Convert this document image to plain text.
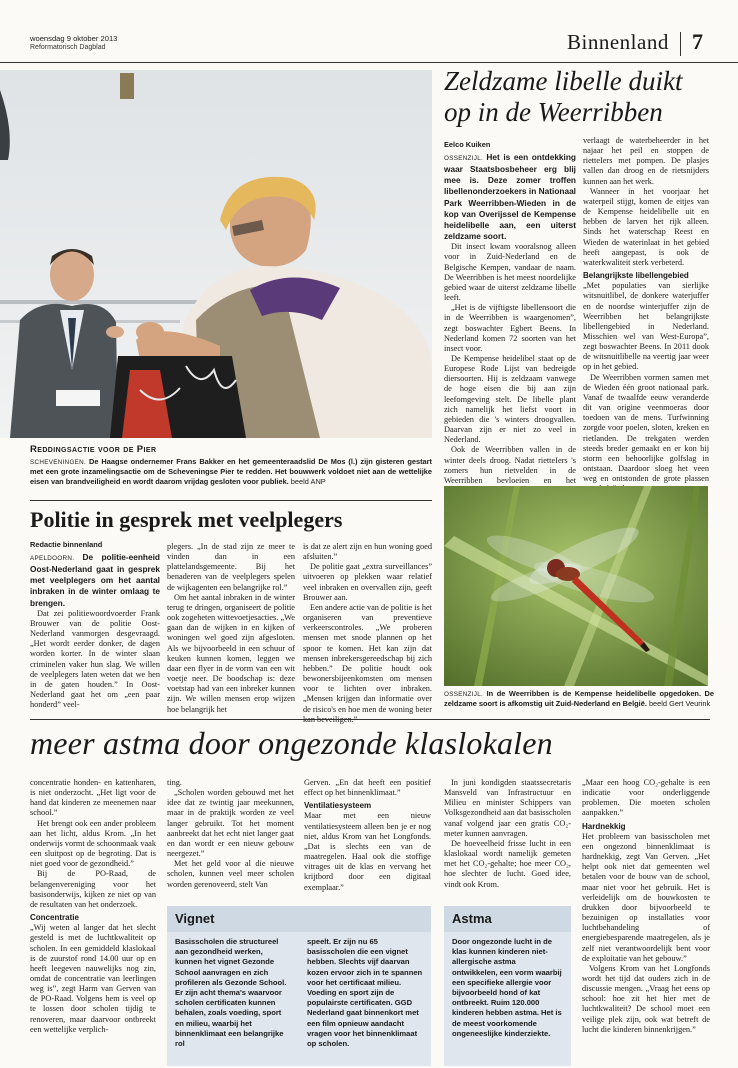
woensdag 9 oktober 2013
Reformatorisch Dagblad	Binnenland 7
Reddingsactie voor de Pier
SCHEVENINGEN. De Haagse ondernemer Frans Bakker en het gemeenteraadslid De Mos (l.) zijn gisteren gestart met een grote inzamelingsactie om de Scheveningse Pier te redden. Het bouwwerk voldoet niet aan de wettelijke eisen van brandveiligheid en wordt daarom vrijdag gesloten voor publiek. beeld ANP
Zeldzame libelle duikt op in de Weerribben
Eelco Kuiken

OSSENZIJL. Het is een ontdekking waar Staatsbosbeheer erg blij mee is. Deze zomer troffen libellenonderzoekers in Nationaal Park Weerribben-Wieden in de kop van Overijssel de Kempense heidelibelle aan, een uiterst zeldzame soort.

Dit insect kwam vooralsnog alleen voor in Zuid-Nederland en de Belgische Kempen, vandaar de naam. De Weerribben is het meest noordelijke gebied waar de uiterst zeldzame libelle leeft.

„Het is de vijftigste libellensoort die in de Weerribben is waargenomen”, zegt boswachter Egbert Beens. In Nederland komen 72 soorten van het insect voor.

De Kempense heidelibel staat op de Europese Rode Lijst van bedreigde diersoorten. Hij is zeldzaam vanwege de hoge eisen die bij aan zijn leefomgeving stelt. De libelle plant zich namelijk het liefst voort in gebieden die 's winters droogvallen. Daarvan zijn er niet zo veel in Nederland.

Ook de Weerribben vallen in de winter deels droog. Nadat rietteIers 's zomers hun rietvelden in de Weerribben bevloeien en het

verlaagt de waterbeheerder in het najaar het peil en stoppen de rietteIers met pompen. De plasjes vallen dan droog en de rietsnijders kunnen aan het werk.

Wanneer in het voorjaar het waterpeil stijgt, komen de eitjes van de Kempense heidelibelle uit en hebben de larven het rijk alleen. Sinds het waterschap Reest en Wieden de waterinlaat in het gebied heeft aangepast, is ook de waterkwaliteit sterk verbeterd.

Belangrijkste libellengebied

„Met populaties van sierlijke witsnuitlibel, de donkere waterjuffer en de noordse winterjuffer zijn de Weerribben het belangrijkste libellengebied in Nederland. Misschien wel van West-Europa”, zegt boswachter Beens. In 2011 dook de witsnuitlibelle na veertig jaar weer op in het gebied.

De Weerribben vormen samen met de Wieden één groot nationaal park. Vanaf de twaalfde eeuw veranderde dit van origine veenmoeras door toedoen van de mens. Turfwinning zorgde voor poelen, sloten, kreken en rietlanden. De trekgaten werden steeds breder gemaakt en er kon bij storm een behoorlijke golfslag in ontstaan. Daardoor sloeg het veen weg en ontstonden de grote plassen

Politie in gesprek met veelplegers
Redactie binnenland

APELDOORN. De politie-eenheid Oost-Nederland gaat in gesprek met veelplegers om het aantal inbraken in de winter omlaag te brengen.

Dat zei politiewoordvoerder Frank Brouwer van de politie Oost-Nederland vanmorgen desgevraagd. „Het wordt eerder donker, de dagen worden korter. In de winter slaan criminelen vaker hun slag. We willen de veelplegers laten weten dat we hen in de gaten houden.” In Oost-Nederland gaat het om „een paar honderd” veel-

plegers. „In de stad zijn ze meer te vinden dan in een plattelandsgemeente. Bij het benaderen van de veelplegers spelen de wijkagenten een belangrijke rol.”

Om het aantal inbraken in de winter terug te dringen, organiseert de politie ook zogeheten wittevoetjesacties. „We gaan dan de wijken in en kijken of woningen wel goed zijn afgesloten. Als we bijvoorbeeld in een schuur of keuken kunnen komen, leggen we daar een flyer in de vorm van een wit voetje neer. De boodschap is: deze voetstap had van een inbreker kunnen zijn. We willen mensen erop wijzen hoe belangrijk het

is dat ze alert zijn en hun woning goed afsluiten.”

De politie gaat „extra surveillances” uitvoeren op plekken waar relatief veel inbraken en overvallen zijn, geeft Brouwer aan.

Een andere actie van de politie is het organiseren van preventieve verkeerscontroles. „We proberen mensen met snode plannen op het spoor te komen. Het kan zijn dat mensen inbrekersgereedschap bij zich hebben.” De politie houdt ook bewonersbijeenkomsten om mensen voor te lichten over inbraken. „Mensen krijgen dan informatie over de risico's en hoe men de woning beter

OSSENZIJL. In de Weerribben is de Kempense heidelibelle opgedoken. De zeldzame soort is afkomstig uit Zuid-Nederland en België. beeld Gert Veurink
meer astma door ongezonde klaslokalen

concentratie honden- en kattenharen, is niet onderzocht. „Het ligt voor de hand dat kinderen ze meenemen naar school.”

Het brengt ook een ander probleem aan het licht, aldus Krom. „In het onderwijs vormt de schoonmaak vaak een sluitpost op de begroting. Dat is niet goed voor de gezondheid.”

Bij de PO-Raad, de belangenvereniging voor het basisonderwijs, kijken ze niet op van de resultaten van het onderzoek.

Concentratie

„Wij weten al langer dat het slecht gesteld is met de luchtkwaliteit op scholen. In een gemiddeld klaslokaal is de zuurstof rond 14.00 uur op en heeft leegeven nauwelijks nog zin, omdat de concentratie van leerlingen weg is”, zegt Harm van Gerven van de PO-Raad. Volgens hem is veel op te lossen door scholen tijdig te renoveren, maar daarvoor ontbreekt een wettelijke verplich-

ting.

„Scholen worden gebouwd met het idee dat ze twintig jaar meekunnen, maar in de praktijk worden ze veel langer gebruikt. Tot het moment aanbreekt dat het echt niet langer gaat en dan wordt er een nieuw gebouw neergezet.”

Met het geld voor al die nieuwe scholen, kunnen veel meer scholen worden gerenoveerd, stelt Van

Gerven. „En dat heeft een positief effect op het binnenklimaat.”

Ventilatiesysteem

Maar met een nieuw ventilatiesysteem alleen ben je er nog niet, aldus Krom van het Longfonds. „Dat is slechts een van de maatregelen. Haal ook die stoffige vitrages uit de klas en vervang het krijtbord door een digitaal exemplaar.”

In juni kondigden staatssecretaris Mansveld van Infrastructuur en Milieu en minister Schippers van Volksgezondheid aan dat basisscholen vanaf volgend jaar een gratis CO₂-meter kunnen aanvragen.

De hoeveelheid frisse lucht in een klaslokaal wordt namelijk gemeten met het CO₂-gehalte; hoe meer CO₂, hoe slechter de lucht. Goed idee, vindt ook Krom.

„Maar een hoog CO₂-gehalte is een indicatie voor onderliggende problemen. Die moeten scholen aanpakken.”

Hardnekkig

Het probleem van basisscholen met een ongezond binnenklimaat is hardnekkig, zegt Van Gerven. „Het helpt ook niet dat gemeenten wel betalen voor de bouw van de school, maar niet voor het gebruik. Het is verleidelijk om de bouwkosten te drukken door bijvoorbeeld te bezuinigen op installaties voor luchtbehandeling of energiebesparende maatregelen, als je zelf niet verantwoordelijk bent voor de exploitatie van het gebouw.”

Volgens Krom van het Longfonds wordt het tijd dat ouders zich in de discussie mengen. „Vraag het eens op school: hoe zit het hier met de luchtkwaliteit? De school moet een veilige plek zijn, ook wat betreft de lucht die kinderen binnenkrijgen.”

Vignet
Basisscholen die structureel aan gezondheid werken, kunnen het vignet Gezonde School aanvragen en zich profileren als Gezonde School. Er zijn acht thema's waarvoor scholen certificaten kunnen behalen, zoals voeding, sport en milieu, waarbij het binnenklimaat een belangrijke rol
speelt. Er zijn nu 65 basisscholen die een vignet hebben. Slechts vijf daarvan kozen ervoor zich in te spannen voor het certificaat milieu. Voeding en sport zijn de populairste certificaten. GGD Nederland gaat binnenkort met een film opnieuw aandacht vragen voor het binnenklimaat op scholen.
Astma
Door ongezonde lucht in de klas kunnen kinderen niet-allergische astma ontwikkelen, een vorm waarbij een specifieke allergie voor bijvoorbeeld hond of kat ontbreekt. Ruim 120.000 kinderen hebben astma. Het is de meest voorkomende ongeneeslijke kinderziekte.
